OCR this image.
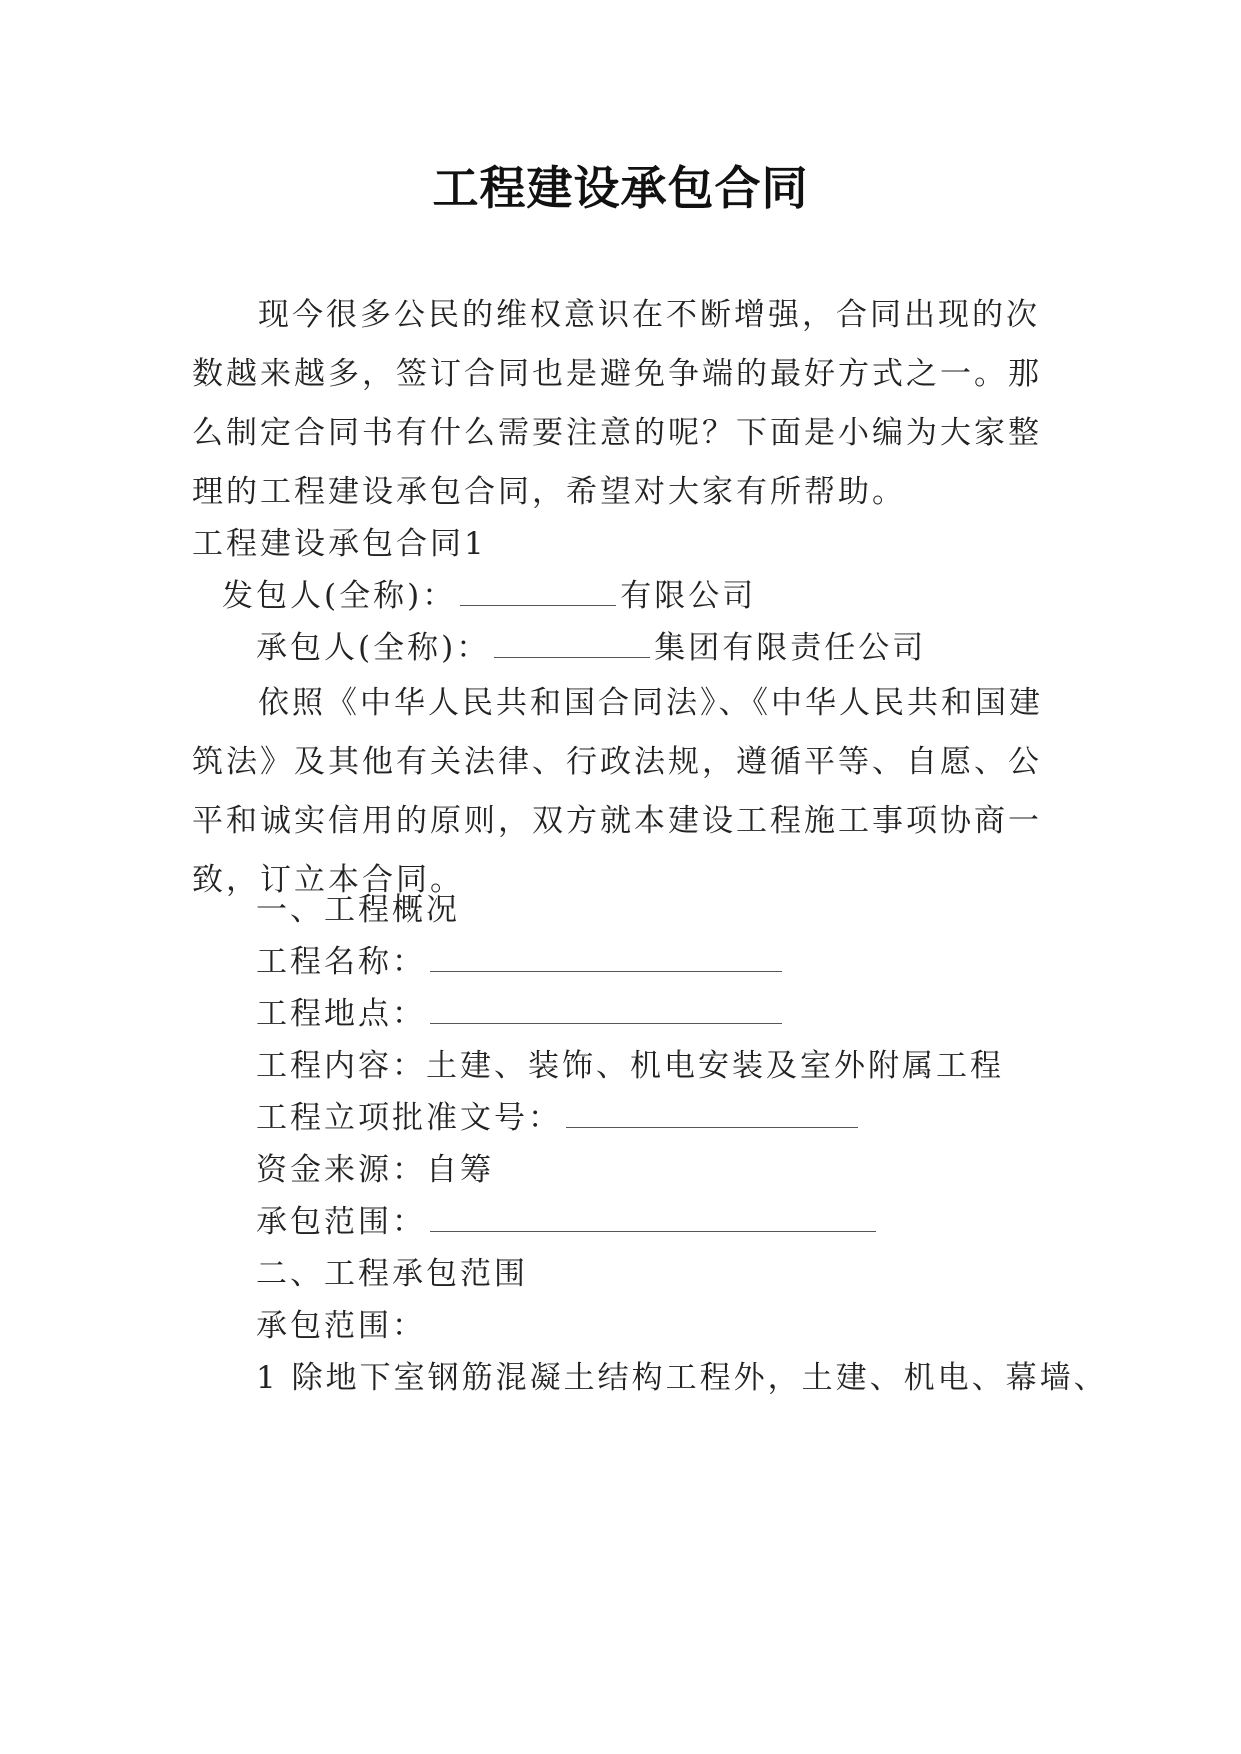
工程建设承包合同

现今很多公民的维权意识在不断增强，合同出现的次数越来越多，签订合同也是避免争端的最好方式之一。那么制定合同书有什么需要注意的呢？下面是小编为大家整理的工程建设承包合同，希望对大家有所帮助。

工程建设承包合同1
发包人(全称)：	有限公司
承包人(全称)：	集团有限责任公司

依照《中华人民共和国合同法》、《中华人民共和国建筑法》及其他有关法律、行政法规，遵循平等、自愿、公平和诚实信用的原则，双方就本建设工程施工事项协商一致，订立本合同。

一、工程概况
工程名称：
工程地点：
工程内容：土建、装饰、机电安装及室外附属工程
工程立项批准文号：
资金来源：自筹
承包范围：
二、工程承包范围
承包范围：
1 除地下室钢筋混凝土结构工程外，土建、机电、幕墙、
